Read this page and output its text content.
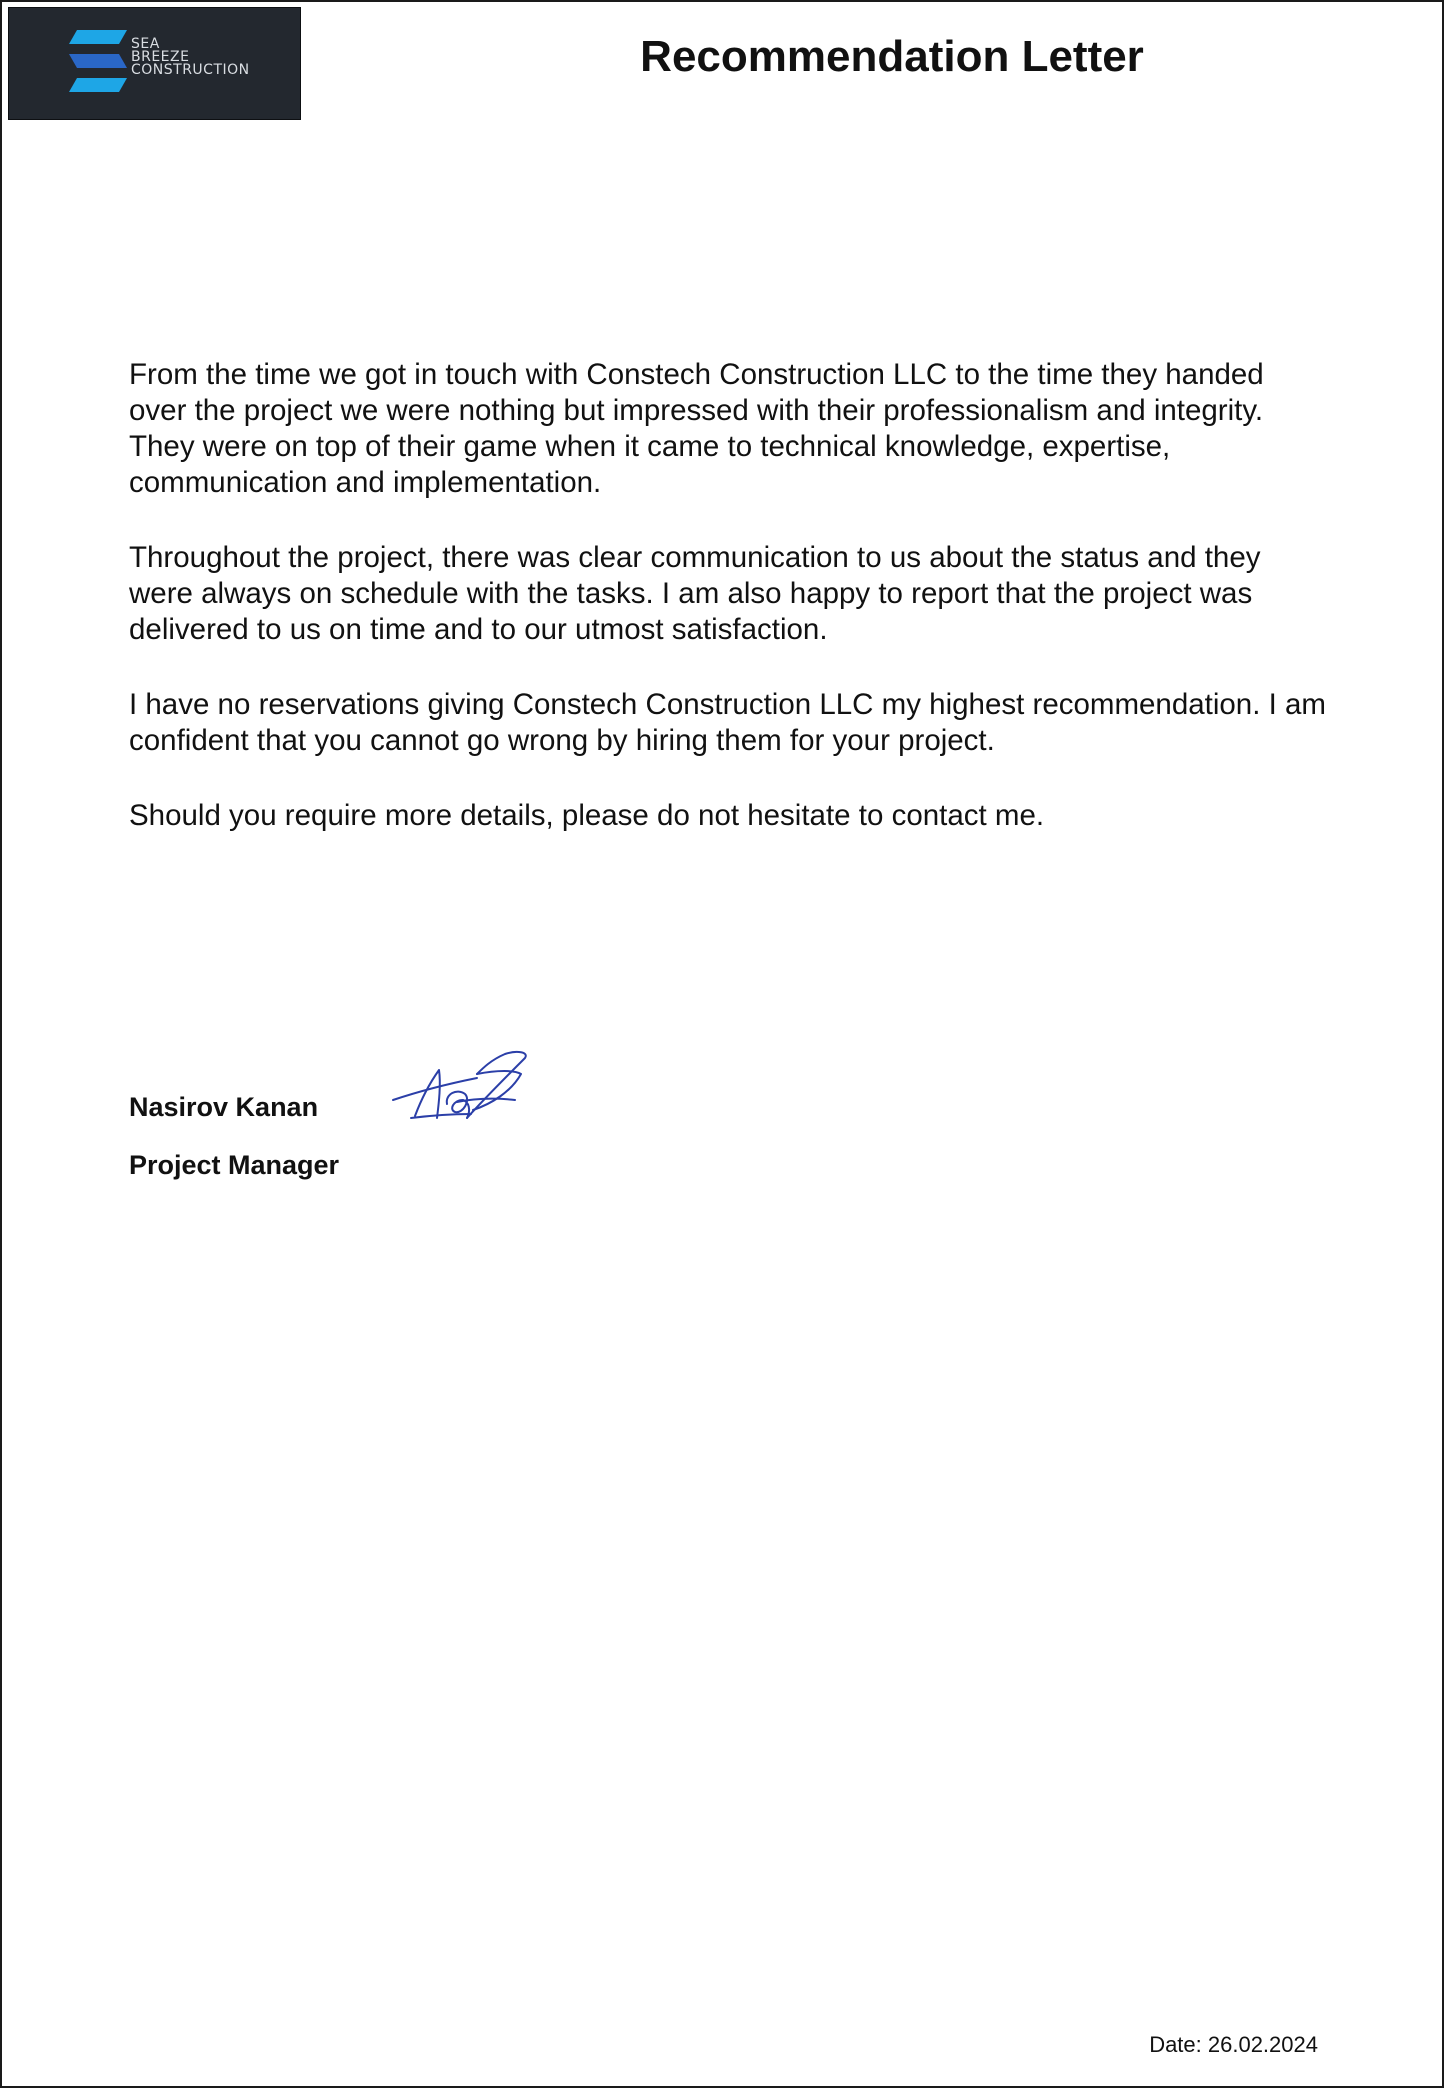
SEA
BREEZE
CONSTRUCTION	Recommendation Letter

From the time we got in touch with Constech Construction LLC to the time they handed over the project we were nothing but impressed with their professionalism and integrity. They were on top of their game when it came to technical knowledge, expertise, communication and implementation.

Throughout the project, there was clear communication to us about the status and they were always on schedule with the tasks. I am also happy to report that the project was delivered to us on time and to our utmost satisfaction.

I have no reservations giving Constech Construction LLC my highest recommendation. I am confident that you cannot go wrong by hiring them for your project.

Should you require more details, please do not hesitate to contact me.

Nasirov Kanan
Project Manager
Date: 26.02.2024
